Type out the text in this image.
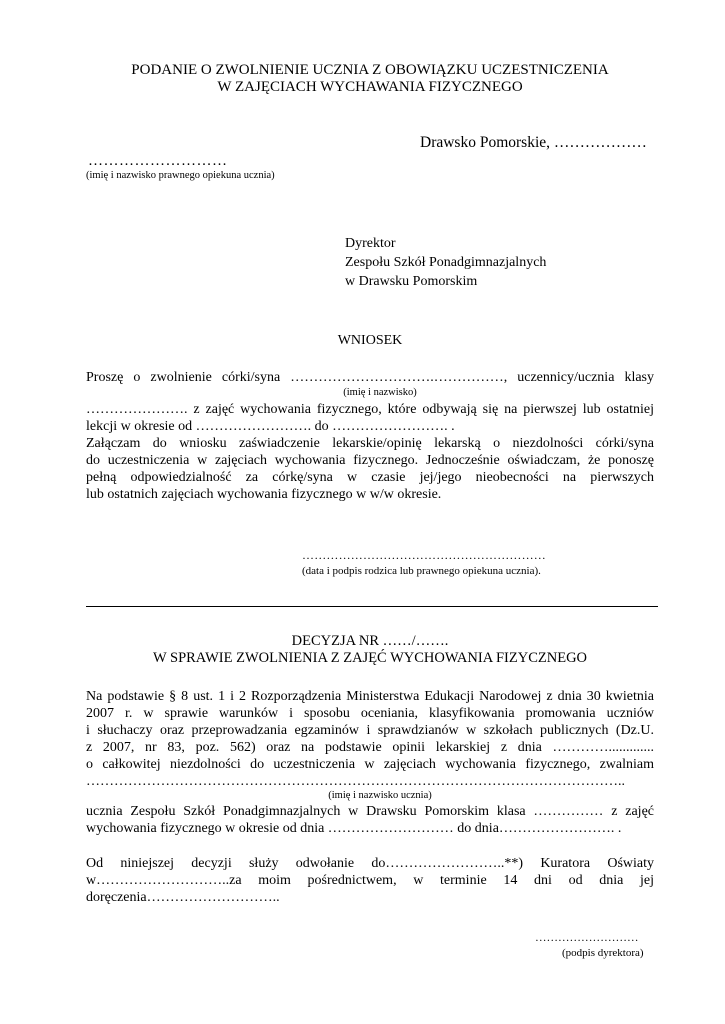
PODANIE O ZWOLNIENIE UCZNIA Z OBOWIĄZKU UCZESTNICZENIA
W ZAJĘCIACH WYCHAWANIA FIZYCZNEGO
Drawsko Pomorskie, ………………
………………………
(imię i nazwisko prawnego opiekuna ucznia)
Dyrektor
Zespołu Szkół Ponadgimnazjalnych
w Drawsku Pomorskim
WNIOSEK
Proszę o zwolnienie córki/syna ………………………….……………, uczennicy/ucznia klasy
(imię i nazwisko)
…………………. z zajęć wychowania fizycznego, które odbywają się na pierwszej lub ostatniej
lekcji w okresie od ……………………. do ……………………. .
Załączam do wniosku zaświadczenie lekarskie/opinię lekarską o niezdolności córki/syna
do uczestniczenia w zajęciach wychowania fizycznego. Jednocześnie oświadczam, że ponoszę
pełną odpowiedzialność za córkę/syna w czasie jej/jego nieobecności na pierwszych
lub ostatnich zajęciach wychowania fizycznego w w/w okresie.
……………………………………………………
(data i podpis rodzica lub prawnego opiekuna ucznia).
DECYZJA NR ……/…….
W SPRAWIE ZWOLNIENIA Z ZAJĘĆ WYCHOWANIA FIZYCZNEGO
Na podstawie § 8 ust. 1 i 2 Rozporządzenia Ministerstwa Edukacji Narodowej z dnia 30 kwietnia
2007 r. w sprawie warunków i sposobu oceniania, klasyfikowania promowania uczniów
i słuchaczy oraz przeprowadzania egzaminów i sprawdzianów w szkołach publicznych (Dz.U.
z 2007, nr 83, poz. 562) oraz na podstawie opinii lekarskiej z dnia ………….............
o całkowitej niezdolności do uczestniczenia w zajęciach wychowania fizycznego, zwalniam
……………………………………………………………………………………………………..
(imię i nazwisko ucznia)
ucznia Zespołu Szkół Ponadgimnazjalnych w Drawsku Pomorskim klasa …………… z zajęć
wychowania fizycznego w okresie od dnia ……………………… do dnia……………………. .
Od niniejszej decyzji służy odwołanie do……………………..**) Kuratora Oświaty
w………………………..za moim pośrednictwem, w terminie 14 dni od dnia jej
doręczenia………………………..
………………………
(podpis dyrektora)
